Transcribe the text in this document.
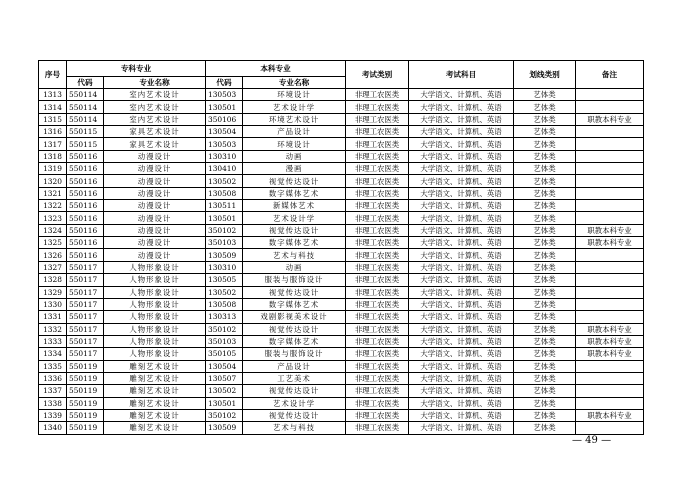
序号	专科专业		本科专业		考试类别	考试科目	划线类别	备注
	代码	专业名称	代码	专业名称				
1313	550114	室内艺术设计	130503	环境设计	非理工农医类	大学语文、计算机、英语	艺体类	
1314	550114	室内艺术设计	130501	艺术设计学	非理工农医类	大学语文、计算机、英语	艺体类	
1315	550114	室内艺术设计	350106	环境艺术设计	非理工农医类	大学语文、计算机、英语	艺体类	职教本科专业
1316	550115	家具艺术设计	130504	产品设计	非理工农医类	大学语文、计算机、英语	艺体类	
1317	550115	家具艺术设计	130503	环境设计	非理工农医类	大学语文、计算机、英语	艺体类	
1318	550116	动漫设计	130310	动画	非理工农医类	大学语文、计算机、英语	艺体类	
1319	550116	动漫设计	130410	漫画	非理工农医类	大学语文、计算机、英语	艺体类	
1320	550116	动漫设计	130502	视觉传达设计	非理工农医类	大学语文、计算机、英语	艺体类	
1321	550116	动漫设计	130508	数字媒体艺术	非理工农医类	大学语文、计算机、英语	艺体类	
1322	550116	动漫设计	130511	新媒体艺术	非理工农医类	大学语文、计算机、英语	艺体类	
1323	550116	动漫设计	130501	艺术设计学	非理工农医类	大学语文、计算机、英语	艺体类	
1324	550116	动漫设计	350102	视觉传达设计	非理工农医类	大学语文、计算机、英语	艺体类	职教本科专业
1325	550116	动漫设计	350103	数字媒体艺术	非理工农医类	大学语文、计算机、英语	艺体类	职教本科专业
1326	550116	动漫设计	130509	艺术与科技	非理工农医类	大学语文、计算机、英语	艺体类	
1327	550117	人物形象设计	130310	动画	非理工农医类	大学语文、计算机、英语	艺体类	
1328	550117	人物形象设计	130505	服装与服饰设计	非理工农医类	大学语文、计算机、英语	艺体类	
1329	550117	人物形象设计	130502	视觉传达设计	非理工农医类	大学语文、计算机、英语	艺体类	
1330	550117	人物形象设计	130508	数字媒体艺术	非理工农医类	大学语文、计算机、英语	艺体类	
1331	550117	人物形象设计	130313	戏剧影视美术设计	非理工农医类	大学语文、计算机、英语	艺体类	
1332	550117	人物形象设计	350102	视觉传达设计	非理工农医类	大学语文、计算机、英语	艺体类	职教本科专业
1333	550117	人物形象设计	350103	数字媒体艺术	非理工农医类	大学语文、计算机、英语	艺体类	职教本科专业
1334	550117	人物形象设计	350105	服装与服饰设计	非理工农医类	大学语文、计算机、英语	艺体类	职教本科专业
1335	550119	雕刻艺术设计	130504	产品设计	非理工农医类	大学语文、计算机、英语	艺体类	
1336	550119	雕刻艺术设计	130507	工艺美术	非理工农医类	大学语文、计算机、英语	艺体类	
1337	550119	雕刻艺术设计	130502	视觉传达设计	非理工农医类	大学语文、计算机、英语	艺体类	
1338	550119	雕刻艺术设计	130501	艺术设计学	非理工农医类	大学语文、计算机、英语	艺体类	
1339	550119	雕刻艺术设计	350102	视觉传达设计	非理工农医类	大学语文、计算机、英语	艺体类	职教本科专业
1340	550119	雕刻艺术设计	130509	艺术与科技	非理工农医类	大学语文、计算机、英语	艺体类	
— 49 —
